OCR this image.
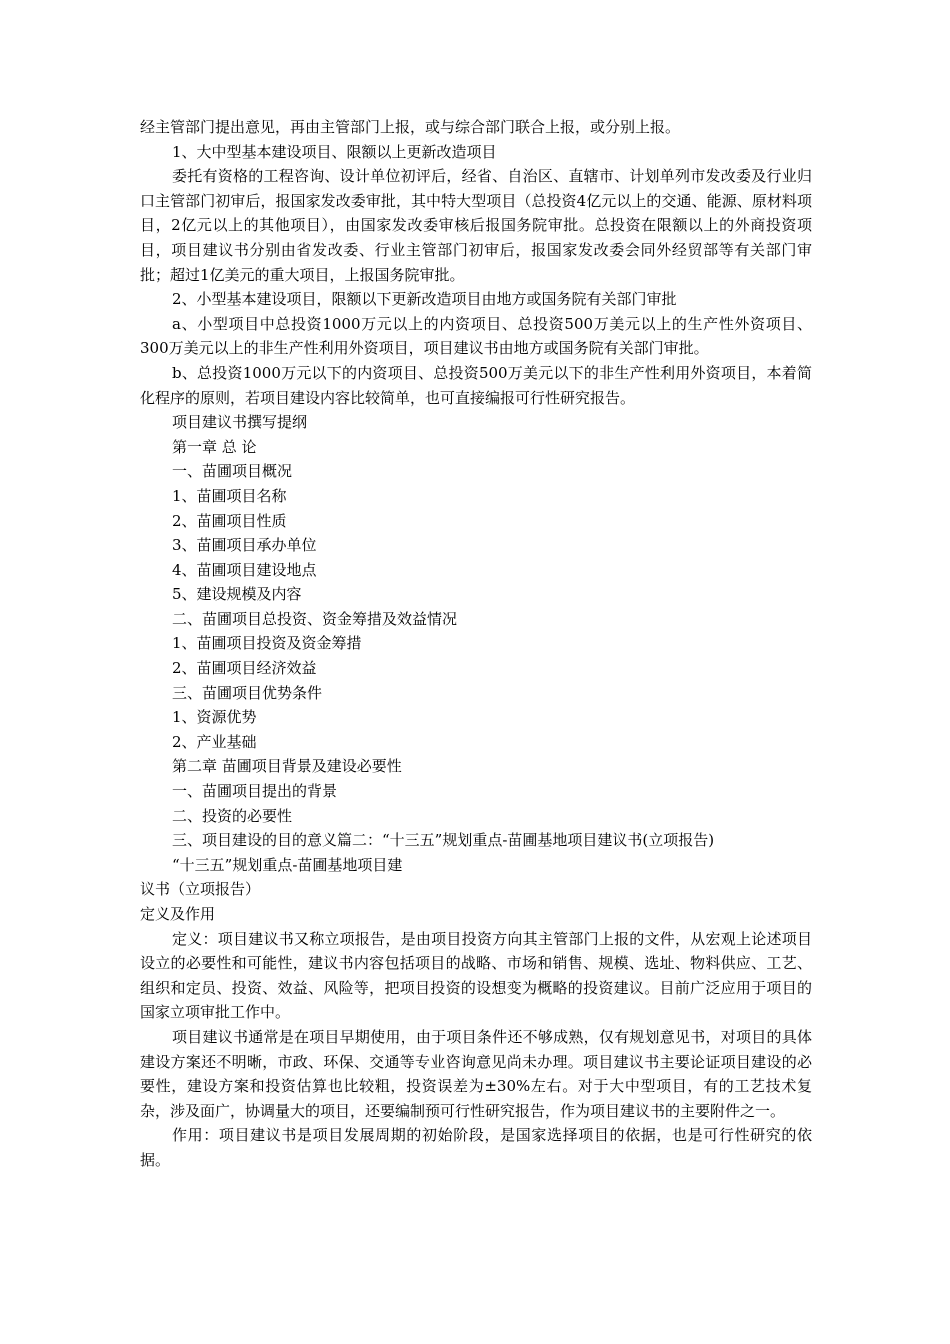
经主管部门提出意见，再由主管部门上报，或与综合部门联合上报，或分别上报。

1、大中型基本建设项目、限额以上更新改造项目

委托有资格的工程咨询、设计单位初评后，经省、自治区、直辖市、计划单列市发改委及行业归口主管部门初审后，报国家发改委审批，其中特大型项目（总投资4亿元以上的交通、能源、原材料项目，2亿元以上的其他项目），由国家发改委审核后报国务院审批。总投资在限额以上的外商投资项目，项目建议书分别由省发改委、行业主管部门初审后，报国家发改委会同外经贸部等有关部门审批；超过1亿美元的重大项目，上报国务院审批。

2、小型基本建设项目，限额以下更新改造项目由地方或国务院有关部门审批

a、小型项目中总投资1000万元以上的内资项目、总投资500万美元以上的生产性外资项目、300万美元以上的非生产性利用外资项目，项目建议书由地方或国务院有关部门审批。

b、总投资1000万元以下的内资项目、总投资500万美元以下的非生产性利用外资项目，本着简化程序的原则，若项目建设内容比较简单，也可直接编报可行性研究报告。

项目建议书撰写提纲

第一章 总 论

一、苗圃项目概况

1、苗圃项目名称

2、苗圃项目性质

3、苗圃项目承办单位

4、苗圃项目建设地点

5、建设规模及内容

二、苗圃项目总投资、资金筹措及效益情况

1、苗圃项目投资及资金筹措

2、苗圃项目经济效益

三、苗圃项目优势条件

1、资源优势

2、产业基础

第二章 苗圃项目背景及建设必要性

一、苗圃项目提出的背景

二、投资的必要性

三、项目建设的目的意义篇二：“十三五”规划重点-苗圃基地项目建议书(立项报告)

“十三五”规划重点-苗圃基地项目建

议书（立项报告）

定义及作用

定义：项目建议书又称立项报告，是由项目投资方向其主管部门上报的文件，从宏观上论述项目设立的必要性和可能性，建议书内容包括项目的战略、市场和销售、规模、选址、物料供应、工艺、组织和定员、投资、效益、风险等，把项目投资的设想变为概略的投资建议。目前广泛应用于项目的国家立项审批工作中。

项目建议书通常是在项目早期使用，由于项目条件还不够成熟，仅有规划意见书，对项目的具体建设方案还不明晰，市政、环保、交通等专业咨询意见尚未办理。项目建议书主要论证项目建设的必要性，建设方案和投资估算也比较粗，投资误差为±30%左右。对于大中型项目，有的工艺技术复杂，涉及面广，协调量大的项目，还要编制预可行性研究报告，作为项目建议书的主要附件之一。

作用：项目建议书是项目发展周期的初始阶段，是国家选择项目的依据，也是可行性研究的依据。
